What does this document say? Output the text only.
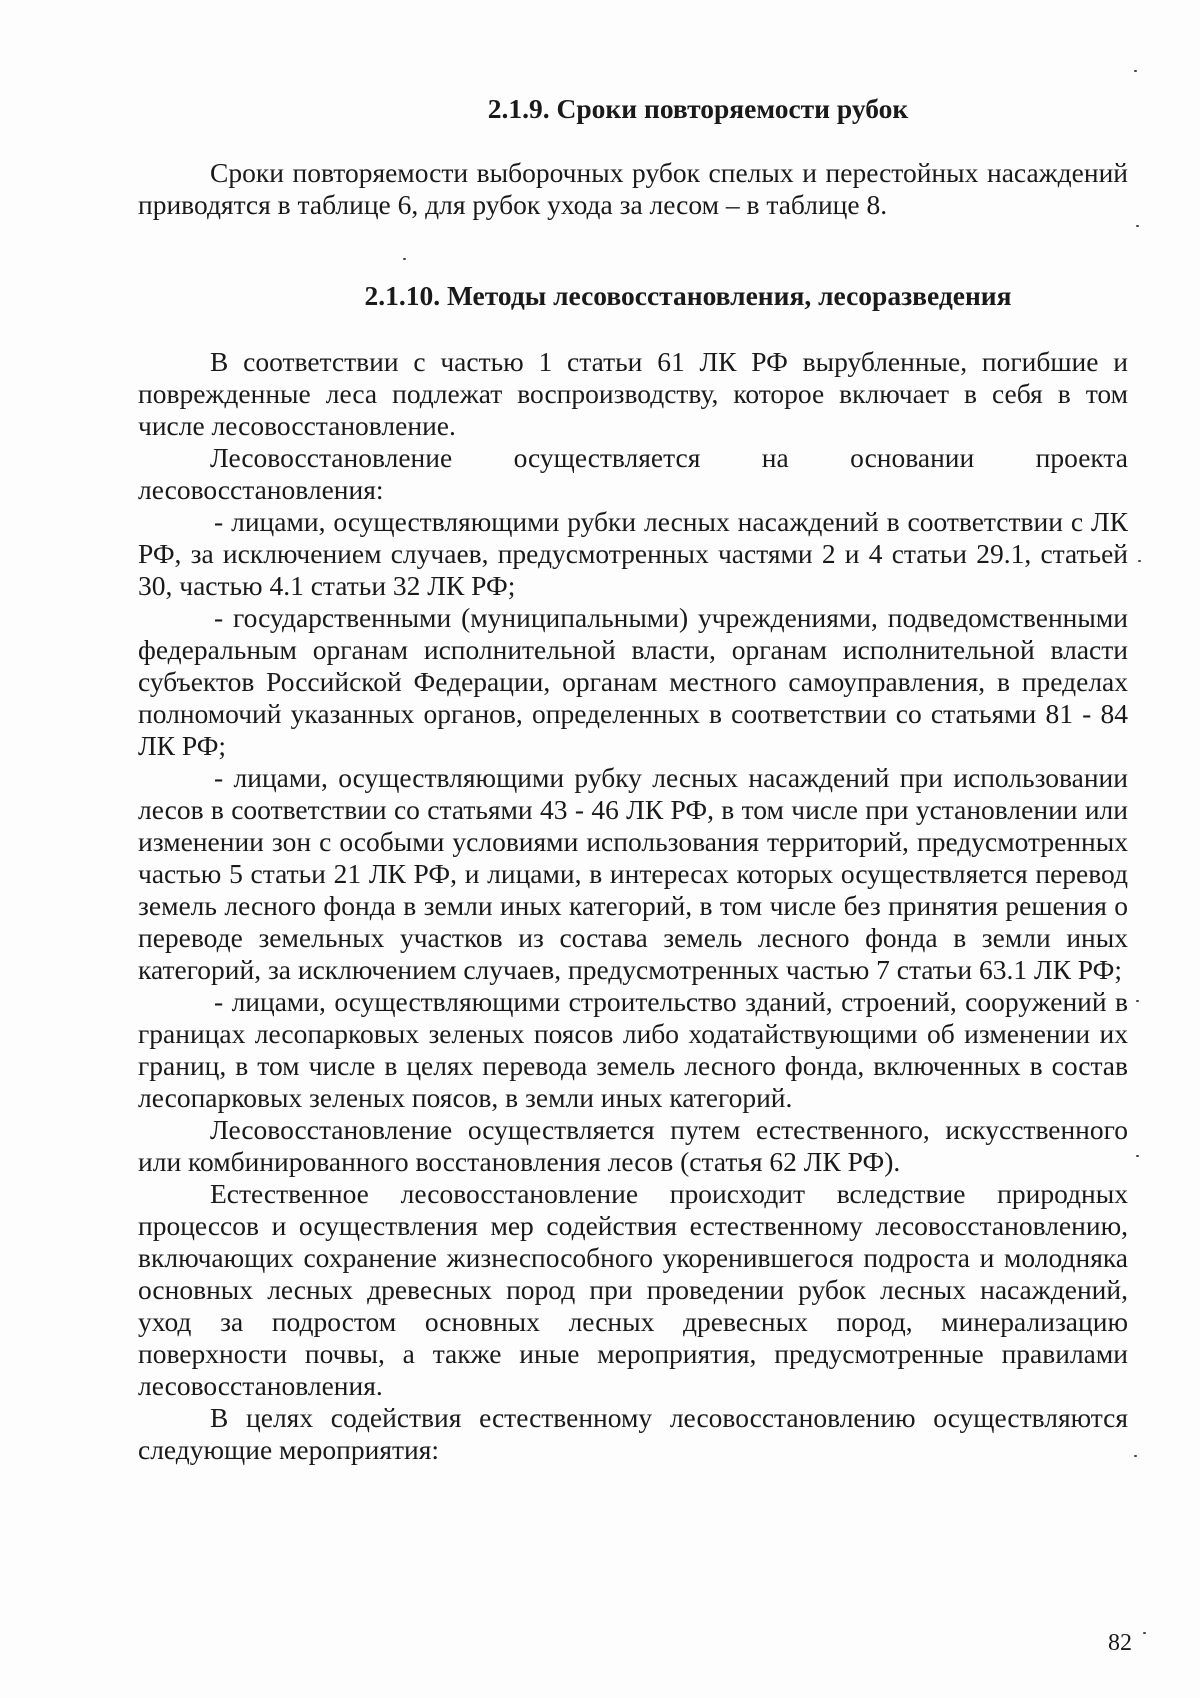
2.1.9. Сроки повторяемости рубок

Сроки повторяемости выборочных рубок спелых и перестойных насаждений приводятся в таблице 6, для рубок ухода за лесом – в таблице 8.

2.1.10. Методы лесовосстановления, лесоразведения

В соответствии с частью 1 статьи 61 ЛК РФ вырубленные, погибшие и поврежденные леса подлежат воспроизводству, которое включает в себя в том числе лесовосстановление.

Лесовосстановление осуществляется на основании проекта лесовосстановления:

- лицами, осуществляющими рубки лесных насаждений в соответствии с ЛК РФ, за исключением случаев, предусмотренных частями 2 и 4 статьи 29.1, статьей 30, частью 4.1 статьи 32 ЛК РФ;

- государственными (муниципальными) учреждениями, подведомственными федеральным органам исполнительной власти, органам исполнительной власти субъектов Российской Федерации, органам местного самоуправления, в пределах полномочий указанных органов, определенных в соответствии со статьями 81 - 84 ЛК РФ;

- лицами, осуществляющими рубку лесных насаждений при использовании лесов в соответствии со статьями 43 - 46 ЛК РФ, в том числе при установлении или изменении зон с особыми условиями использования территорий, предусмотренных частью 5 статьи 21 ЛК РФ, и лицами, в интересах которых осуществляется перевод земель лесного фонда в земли иных категорий, в том числе без принятия решения о переводе земельных участков из состава земель лесного фонда в земли иных категорий, за исключением случаев, предусмотренных частью 7 статьи 63.1 ЛК РФ;

- лицами, осуществляющими строительство зданий, строений, сооружений в границах лесопарковых зеленых поясов либо ходатайствующими об изменении их границ, в том числе в целях перевода земель лесного фонда, включенных в состав лесопарковых зеленых поясов, в земли иных категорий.

Лесовосстановление осуществляется путем естественного, искусственного или комбинированного восстановления лесов (статья 62 ЛК РФ).

Естественное лесовосстановление происходит вследствие природных процессов и осуществления мер содействия естественному лесовосстановлению, включающих сохранение жизнеспособного укоренившегося подроста и молодняка основных лесных древесных пород при проведении рубок лесных насаждений, уход за подростом основных лесных древесных пород, минерализацию поверхности почвы, а также иные мероприятия, предусмотренные правилами лесовосстановления.

В целях содействия естественному лесовосстановлению осуществляются следующие мероприятия:

82
